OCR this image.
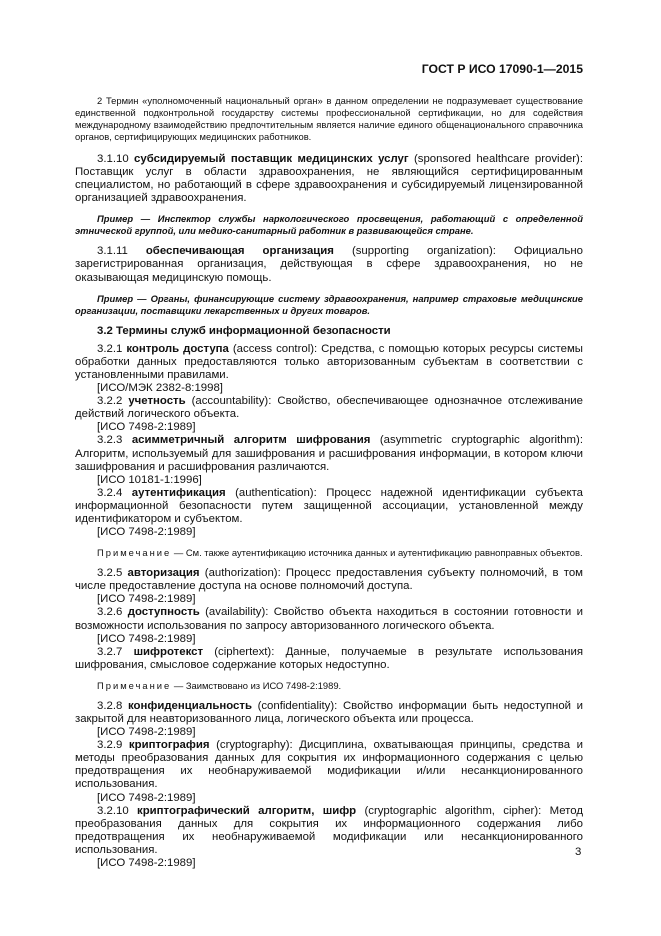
ГОСТ Р ИСО 17090-1—2015

2 Термин «уполномоченный национальный орган» в данном определении не подразумевает существование единственной подконтрольной государству системы профессиональной сертификации, но для содействия международному взаимодействию предпочтительным является наличие единого общенационального справочника органов, сертифицирующих медицинских работников.

3.1.10 субсидируемый поставщик медицинских услуг (sponsored healthcare provider): Поставщик услуг в области здравоохранения, не являющийся сертифицированным специалистом, но работающий в сфере здравоохранения и субсидируемый лицензированной организацией здравоохранения.

Пример — Инспектор службы наркологического просвещения, работающий с определенной этнической группой, или медико-санитарный работник в развивающейся стране.

3.1.11 обеспечивающая организация (supporting organization): Официально зарегистрированная организация, действующая в сфере здравоохранения, но не оказывающая медицинскую помощь.

Пример — Органы, финансирующие систему здравоохранения, например страховые медицинские организации, поставщики лекарственных и других товаров.

3.2 Термины служб информационной безопасности

3.2.1 контроль доступа (access control): Средства, с помощью которых ресурсы системы обработки данных предоставляются только авторизованным субъектам в соответствии с установленными правилами.

[ИСО/МЭК 2382-8:1998]

3.2.2 учетность (accountability): Свойство, обеспечивающее однозначное отслеживание действий логического объекта.

[ИСО 7498-2:1989]

3.2.3 асимметричный алгоритм шифрования (asymmetric cryptographic algorithm): Алгоритм, используемый для зашифрования и расшифрования информации, в котором ключи зашифрования и расшифрования различаются.

[ИСО 10181-1:1996]

3.2.4 аутентификация (authentication): Процесс надежной идентификации субъекта информационной безопасности путем защищенной ассоциации, установленной между идентификатором и субъектом.

[ИСО 7498-2:1989]

Примечание — См. также аутентификацию источника данных и аутентификацию равноправных объектов.

3.2.5 авторизация (authorization): Процесс предоставления субъекту полномочий, в том числе предоставление доступа на основе полномочий доступа.

[ИСО 7498-2:1989]

3.2.6 доступность (availability): Свойство объекта находиться в состоянии готовности и возможности использования по запросу авторизованного логического объекта.

[ИСО 7498-2:1989]

3.2.7 шифротекст (ciphertext): Данные, получаемые в результате использования шифрования, смысловое содержание которых недоступно.

Примечание — Заимствовано из ИСО 7498-2:1989.

3.2.8 конфиденциальность (confidentiality): Свойство информации быть недоступной и закрытой для неавторизованного лица, логического объекта или процесса.

[ИСО 7498-2:1989]

3.2.9 криптография (cryptography): Дисциплина, охватывающая принципы, средства и методы преобразования данных для сокрытия их информационного содержания с целью предотвращения их необнаруживаемой модификации и/или несанкционированного использования.

[ИСО 7498-2:1989]

3.2.10 криптографический алгоритм, шифр (cryptographic algorithm, cipher): Метод преобразования данных для сокрытия их информационного содержания либо предотвращения их необнаруживаемой модификации или несанкционированного использования.

[ИСО 7498-2:1989]

3
